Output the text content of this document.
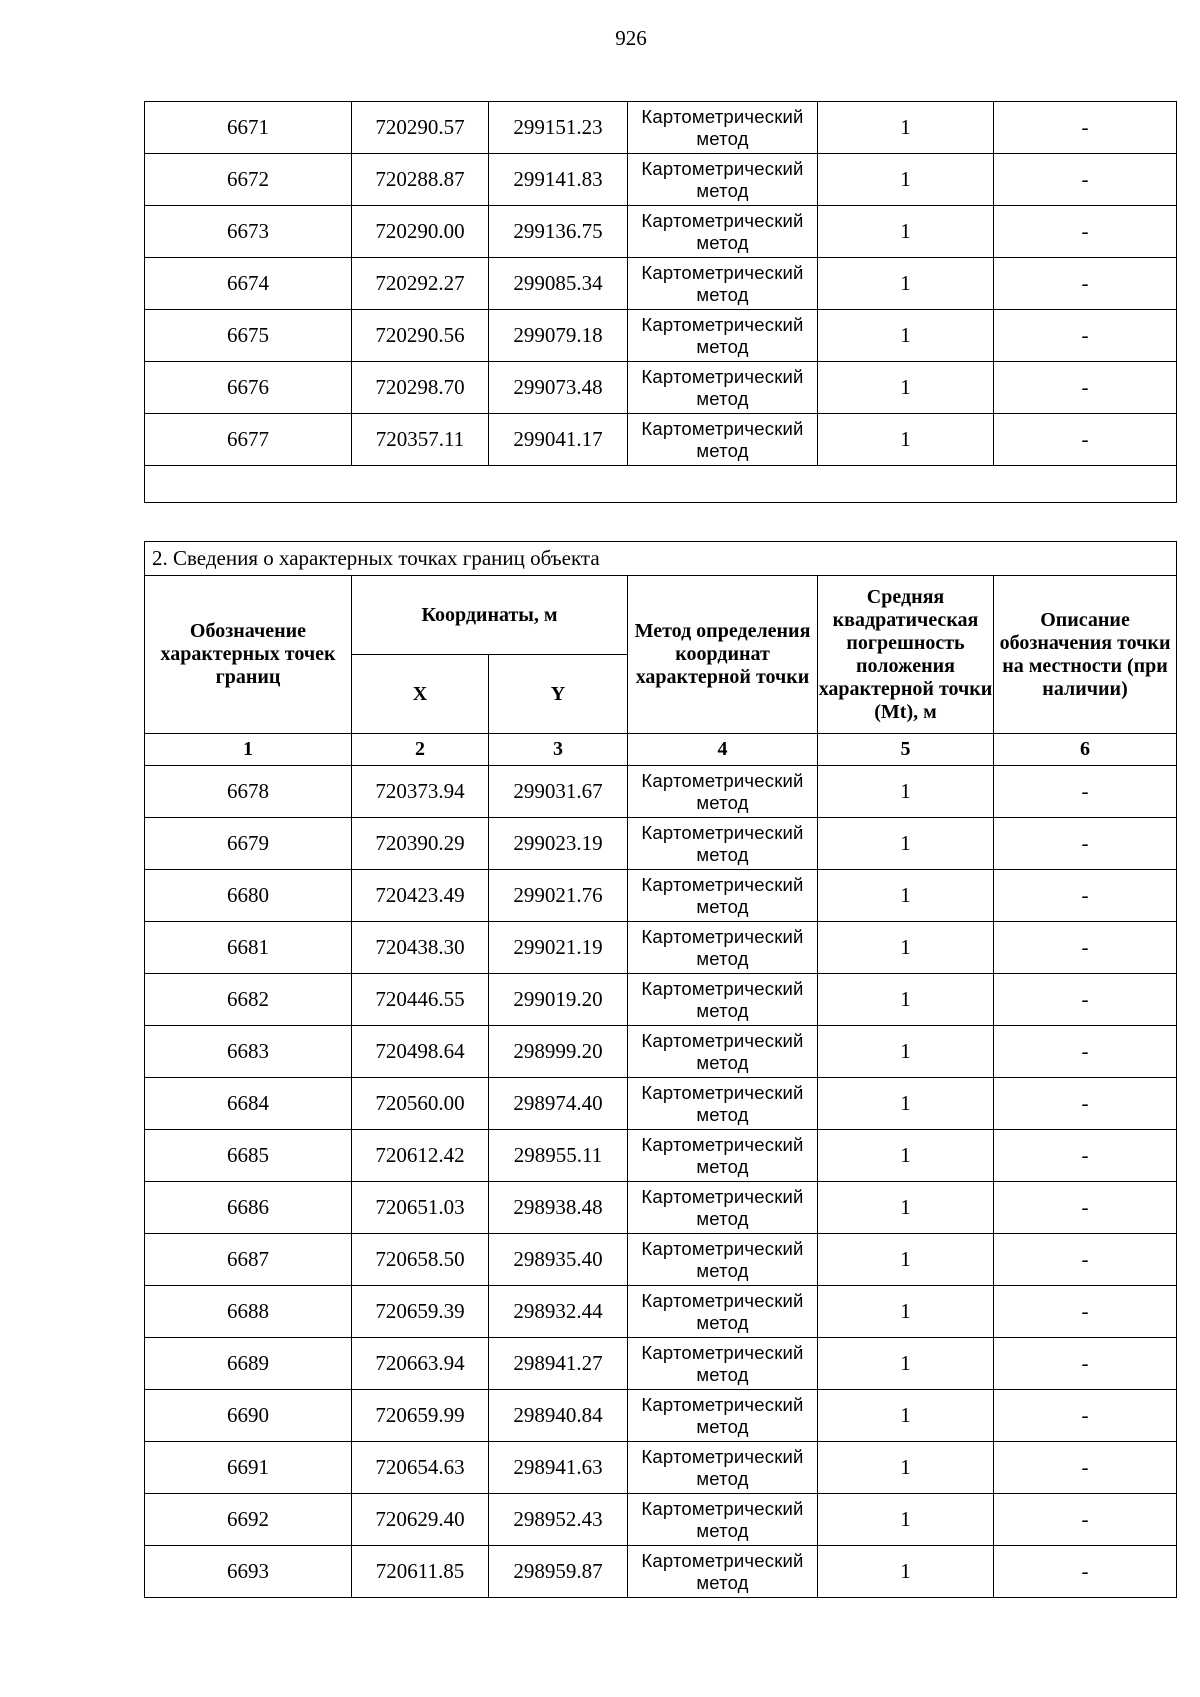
926
6671	720290.57	299151.23	Картометрический
метод	1	-
6672	720288.87	299141.83	Картометрический
метод	1	-
6673	720290.00	299136.75	Картометрический
метод	1	-
6674	720292.27	299085.34	Картометрический
метод	1	-
6675	720290.56	299079.18	Картометрический
метод	1	-
6676	720298.70	299073.48	Картометрический
метод	1	-
6677	720357.11	299041.17	Картометрический
метод	1	-

2. Сведения о характерных точках границ объекта					
Обозначение характерных точек границ	Координаты, м		Метод определения координат характерной точки	Средняя квадратическая погрешность положения характерной точки (Mt), м	Описание обозначения точки на местности (при наличии)
	X	Y			
1	2	3	4	5	6
6678	720373.94	299031.67	Картометрический
метод	1	-
6679	720390.29	299023.19	Картометрический
метод	1	-
6680	720423.49	299021.76	Картометрический
метод	1	-
6681	720438.30	299021.19	Картометрический
метод	1	-
6682	720446.55	299019.20	Картометрический
метод	1	-
6683	720498.64	298999.20	Картометрический
метод	1	-
6684	720560.00	298974.40	Картометрический
метод	1	-
6685	720612.42	298955.11	Картометрический
метод	1	-
6686	720651.03	298938.48	Картометрический
метод	1	-
6687	720658.50	298935.40	Картометрический
метод	1	-
6688	720659.39	298932.44	Картометрический
метод	1	-
6689	720663.94	298941.27	Картометрический
метод	1	-
6690	720659.99	298940.84	Картометрический
метод	1	-
6691	720654.63	298941.63	Картометрический
метод	1	-
6692	720629.40	298952.43	Картометрический
метод	1	-
6693	720611.85	298959.87	Картометрический
метод	1	-
